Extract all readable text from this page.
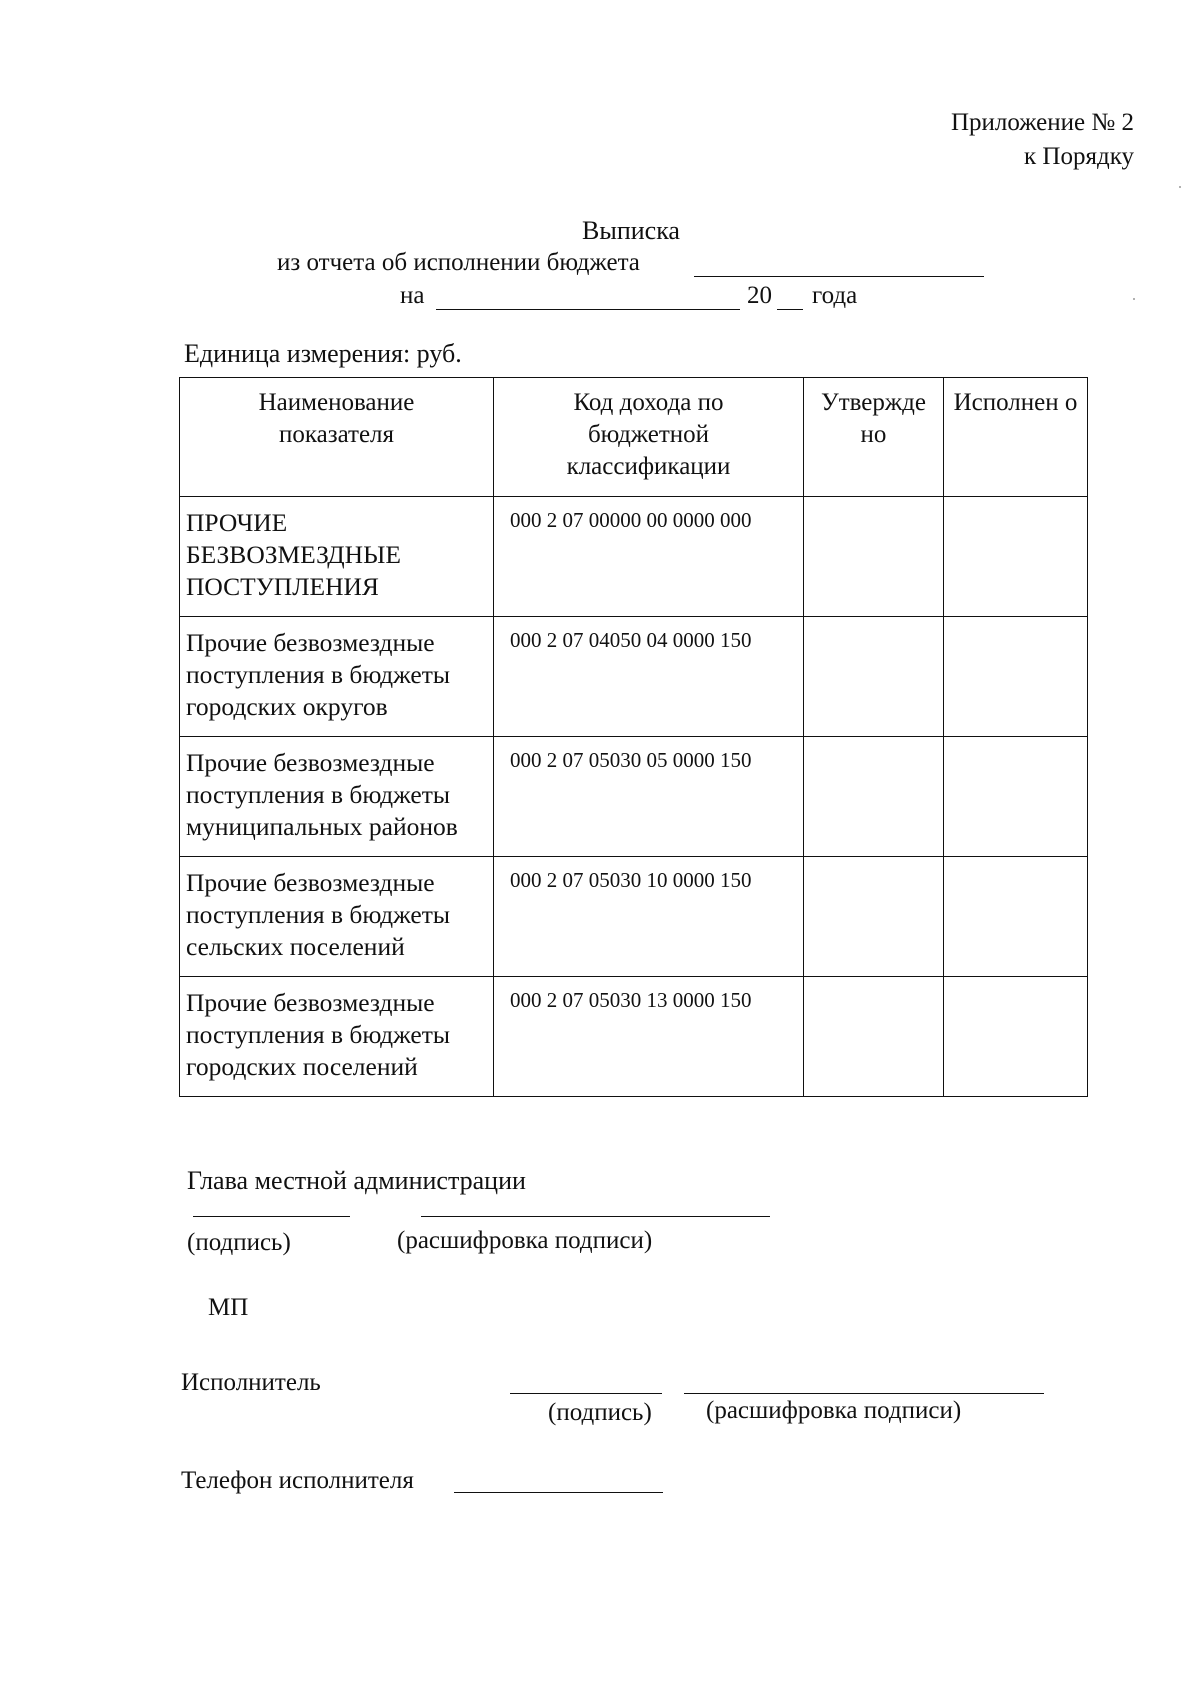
Приложение № 2
к Порядку
Выписка
из отчета об исполнении бюджета
на	20 года
Единица измерения: руб.
Наименование показателя	Код дохода по бюджетной классификации	Утвержде но	Исполнен о
ПРОЧИЕ БЕЗВОЗМЕЗДНЫЕ ПОСТУПЛЕНИЯ	000 2 07 00000 00 0000 000		
Прочие безвозмездные поступления в бюджеты городских округов	000 2 07 04050 04 0000 150		
Прочие безвозмездные поступления в бюджеты муниципальных районов	000 2 07 05030 05 0000 150		
Прочие безвозмездные поступления в бюджеты сельских поселений	000 2 07 05030 10 0000 150		
Прочие безвозмездные поступления в бюджеты городских поселений	000 2 07 05030 13 0000 150		
Глава местной администрации
(подпись)	(расшифровка подписи)
МП
Исполнитель
(подпись) (расшифровка подписи)
Телефон исполнителя
